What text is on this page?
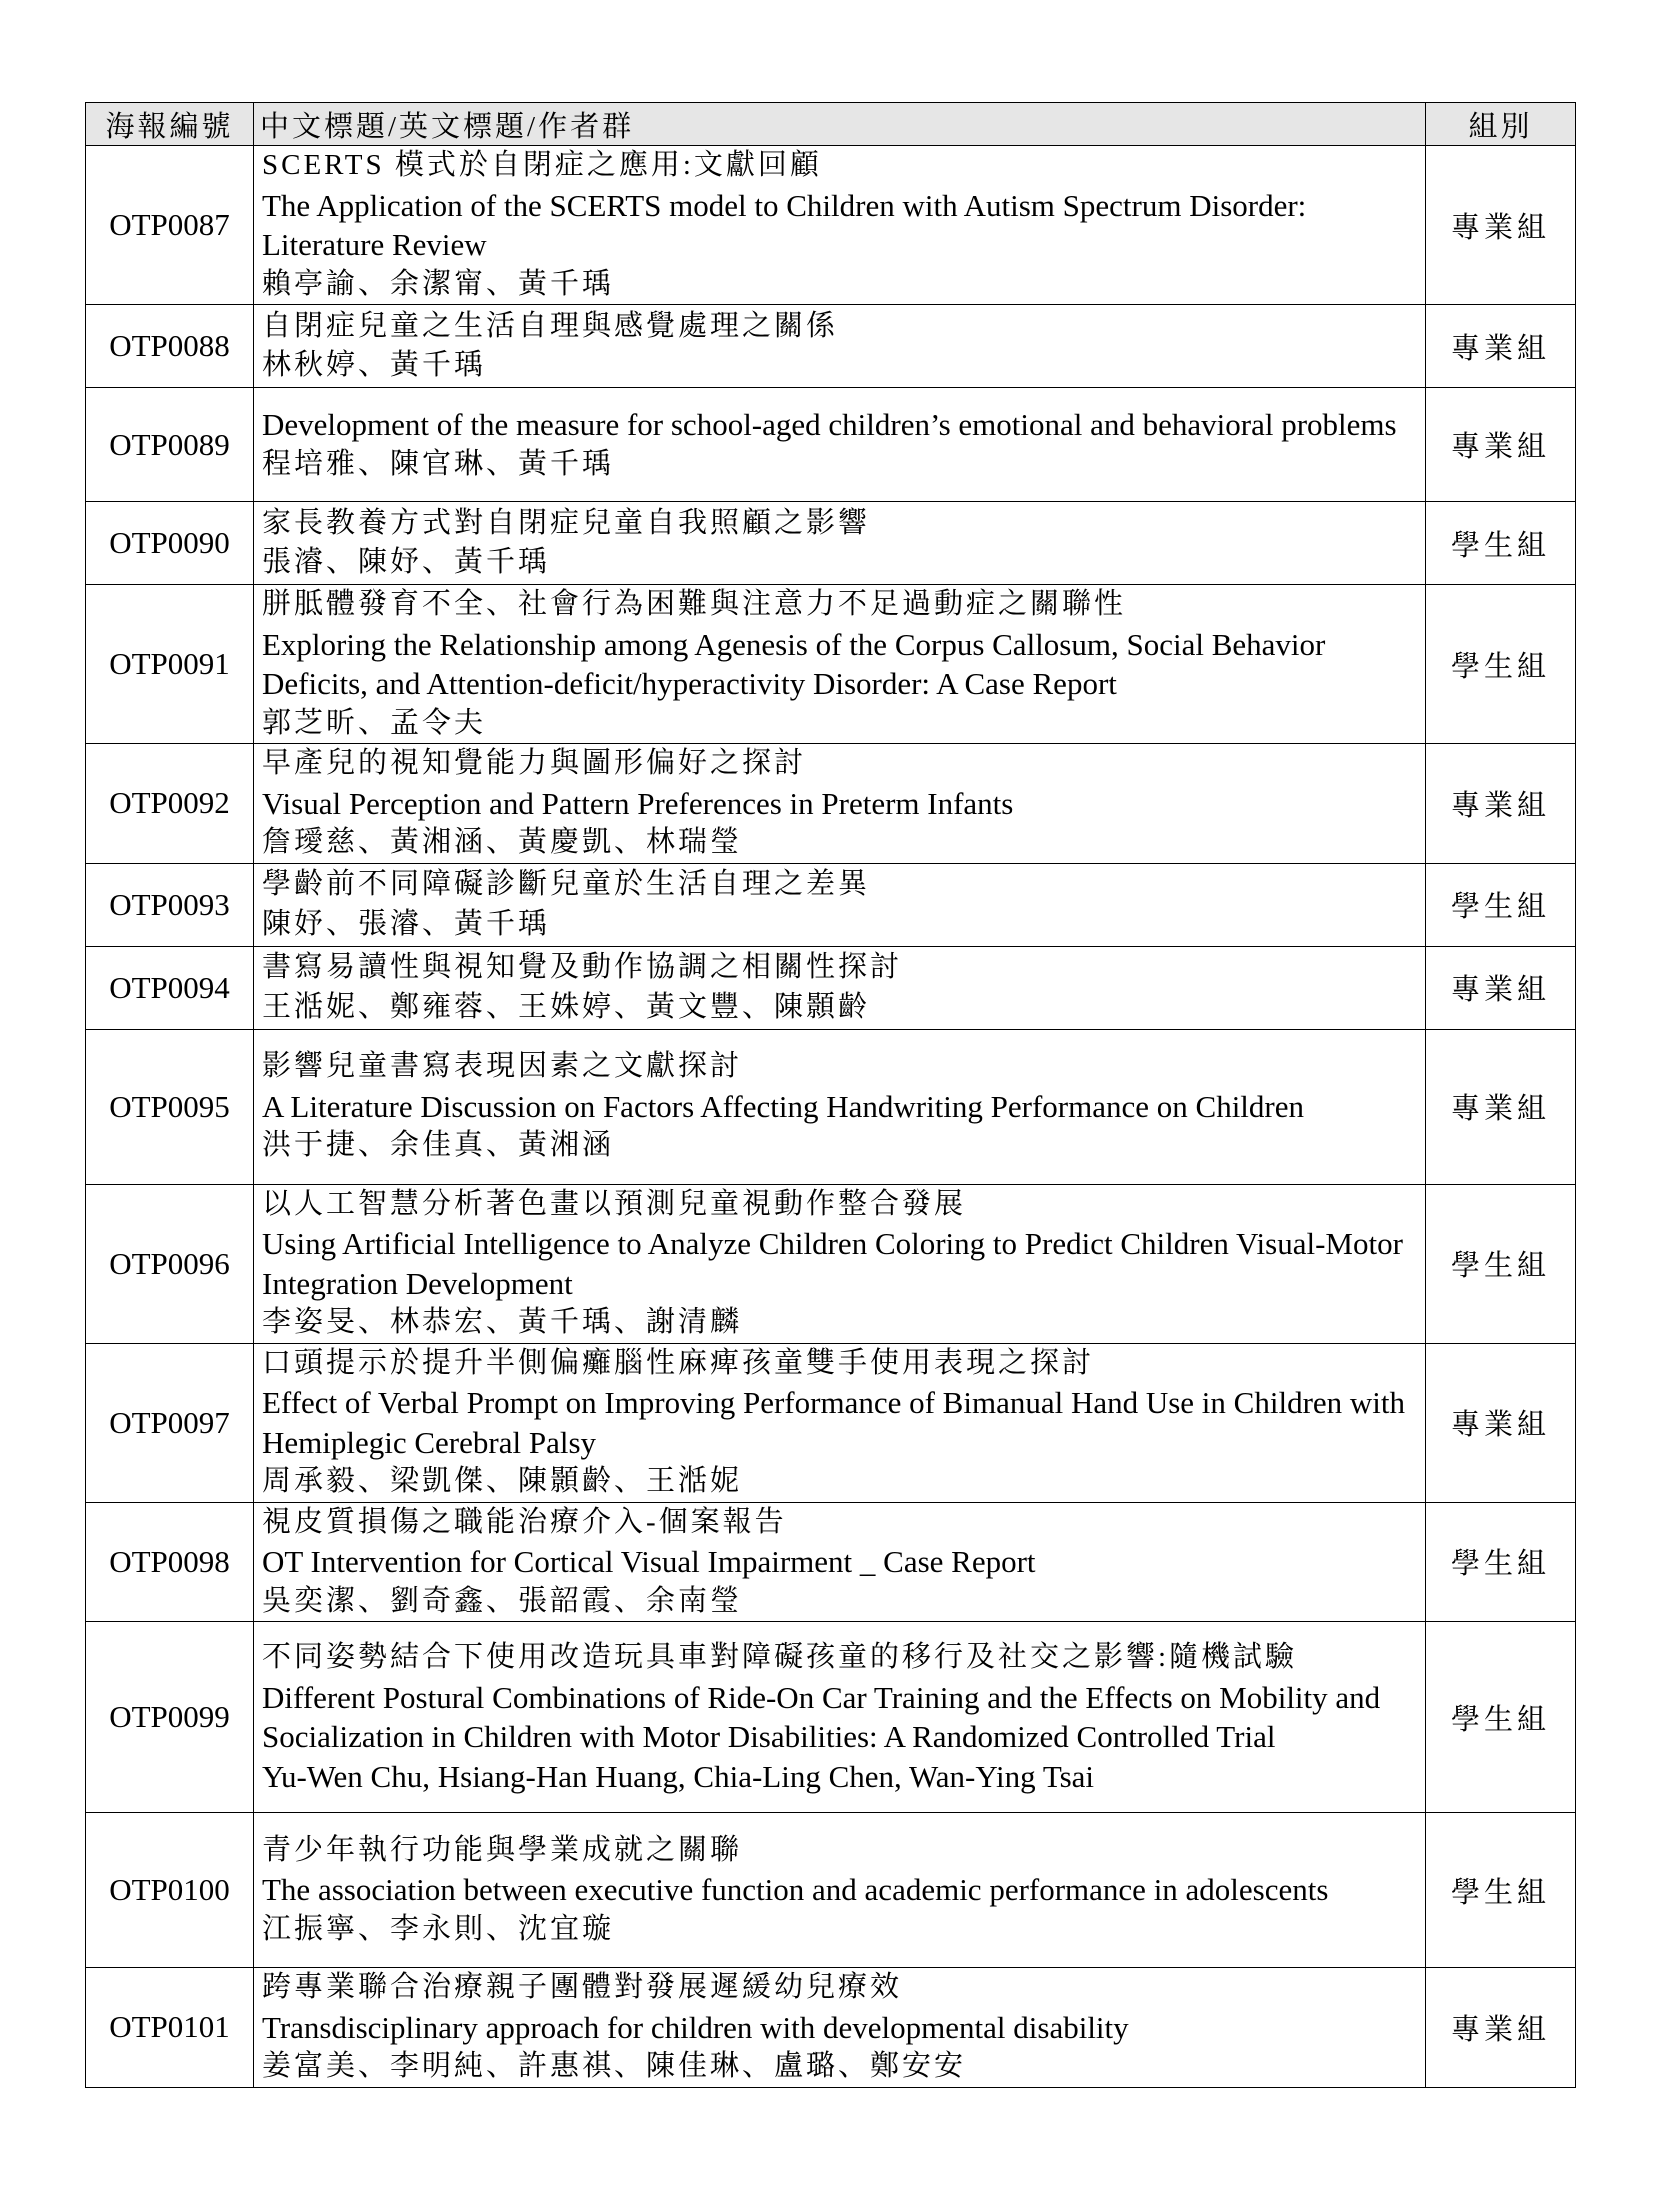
海報編號	中文標題/英文標題/作者群	組別
OTP0087	SCERTS 模式於自閉症之應用:文獻回顧
The Application of the SCERTS model to Children with Autism Spectrum Disorder: Literature Review
賴亭諭、余潔甯、黃千瑀	專業組
OTP0088	自閉症兒童之生活自理與感覺處理之關係
林秋婷、黃千瑀	專業組
OTP0089	Development of the measure for school-aged children’s emotional and behavioral problems
程培雅、陳官琳、黃千瑀	專業組
OTP0090	家長教養方式對自閉症兒童自我照顧之影響
張濬、陳妤、黃千瑀	學生組
OTP0091	胼胝體發育不全、社會行為困難與注意力不足過動症之關聯性
Exploring the Relationship among Agenesis of the Corpus Callosum, Social Behavior Deficits, and Attention-deficit/hyperactivity Disorder: A Case Report
郭芝昕、孟令夫	學生組
OTP0092	早產兒的視知覺能力與圖形偏好之探討
Visual Perception and Pattern Preferences in Preterm Infants
詹璦慈、黃湘涵、黃慶凱、林瑞瑩	專業組
OTP0093	學齡前不同障礙診斷兒童於生活自理之差異
陳妤、張濬、黃千瑀	學生組
OTP0094	書寫易讀性與視知覺及動作協調之相關性探討
王湉妮、鄭雍蓉、王姝婷、黃文豐、陳顥齡	專業組
OTP0095	影響兒童書寫表現因素之文獻探討
A Literature Discussion on Factors Affecting Handwriting Performance on Children
洪于捷、余佳真、黃湘涵	專業組
OTP0096	以人工智慧分析著色畫以預測兒童視動作整合發展
Using Artificial Intelligence to Analyze Children Coloring to Predict Children Visual-Motor Integration Development
李姿旻、林恭宏、黃千瑀、謝清麟	學生組
OTP0097	口頭提示於提升半側偏癱腦性麻痺孩童雙手使用表現之探討
Effect of Verbal Prompt on Improving Performance of Bimanual Hand Use in Children with Hemiplegic Cerebral Palsy
周承毅、梁凱傑、陳顥齡、王湉妮	專業組
OTP0098	視皮質損傷之職能治療介入-個案報告
OT Intervention for Cortical Visual Impairment _ Case Report
吳奕潔、劉奇鑫、張韶霞、余南瑩	學生組
OTP0099	不同姿勢結合下使用改造玩具車對障礙孩童的移行及社交之影響:隨機試驗
Different Postural Combinations of Ride-On Car Training and the Effects on Mobility and Socialization in Children with Motor Disabilities: A Randomized Controlled Trial
Yu-Wen Chu, Hsiang-Han Huang, Chia-Ling Chen, Wan-Ying Tsai	學生組
OTP0100	青少年執行功能與學業成就之關聯
The association between executive function and academic performance in adolescents
江振寧、李永則、沈宜璇	學生組
OTP0101	跨專業聯合治療親子團體對發展遲緩幼兒療效
Transdisciplinary approach for children with developmental disability
姜富美、李明純、許惠祺、陳佳琳、盧璐、鄭安安	專業組
